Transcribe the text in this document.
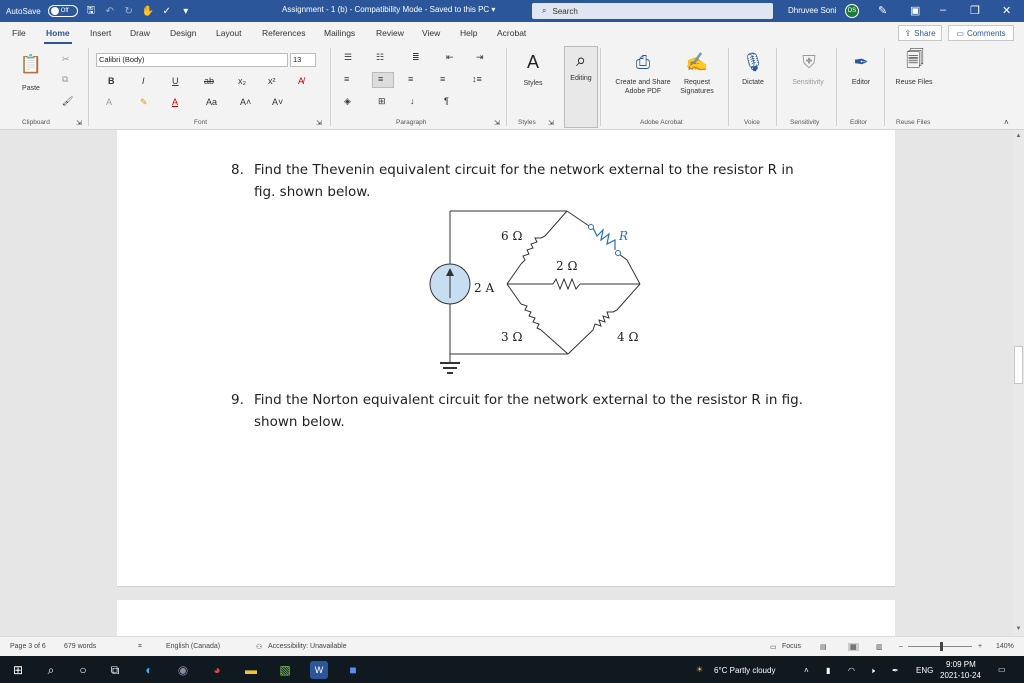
AutoSave	Off 🖫 ↶ ↻ ✋ ✓	▾	Assignment - 1 (b) - Compatibility Mode - Saved to this PC ▾	⌕ Search	Dhruvee Soni	DS ✎ ▣ – ❐ ✕
File Home Insert Draw Design Layout References Mailings Review View Help Acrobat	⇪ Share	▭ Comments
📋
Paste
✂
⧉
🖌
Clipboard	⇲
Calibri (Body)	13
B	I	U	ab	x₂ x²	A̸
A	✎	A	Aa	A˄ A˅
Font	⇲
☰	☷	≣	⇤ ⇥
≡	≡	≡	≡	↕≡
◈	⊞	↓	¶
Paragraph	⇲
A
Styles
Styles ⇲
⌕
Editing
⎙
Create and Share Adobe PDF
✍
Request Signatures
Adobe Acrobat
🎙
Dictate
Voice
⛨
Sensitivity
Sensitivity
✒
Editor
Editor
🗐
Reuse Files
Reuse Files	˄
8. Find the Thevenin equivalent circuit for the network external to the resistor R in
fig. shown below.
2 A
6 Ω
2 Ω
3 Ω	4 Ω
R
9. Find the Norton equivalent circuit for the network external to the resistor R in fig.
shown below.
▲
▼
Page 3 of 6	679 words	⌗	English (Canada)	⚇ Accessibility: Unavailable	▭ Focus	▤	▦	▥ –	+ 140%
⊞	⌕	○	⧉	◐	◉	◕	▬ ▧	W	■	☀ 6°C Partly cloudy	˄ ▮ ◠ 🕨 ✒ ENG
9:09 PM
2021-10-24
▭
